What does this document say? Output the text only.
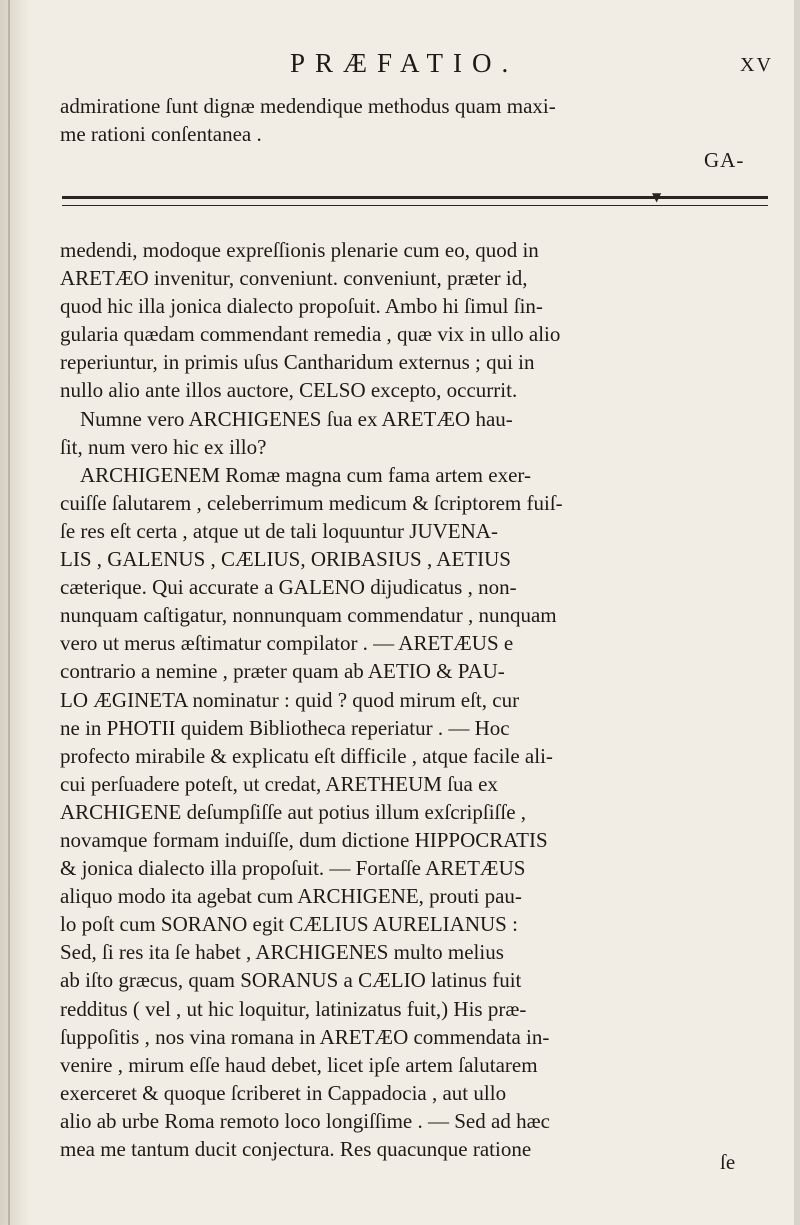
PRÆFATIO.	XV
admiratione ſunt dignæ medendique methodus quam maxi-
me rationi conſentanea .
GA-
▼
medendi, modoque expreſſionis plenarie cum eo, quod in
ARETÆO invenitur, conveniunt. conveniunt, præter id,
quod hic illa jonica dialecto propoſuit. Ambo hi ſimul ſin-
gularia quædam commendant remedia , quæ vix in ullo alio
reperiuntur, in primis uſus Cantharidum externus ; qui in
nullo alio ante illos auctore, CELSO excepto, occurrit.
Numne vero ARCHIGENES ſua ex ARETÆO hau-
ſit, num vero hic ex illo?
ARCHIGENEM Romæ magna cum fama artem exer-
cuiſſe ſalutarem , celeberrimum medicum & ſcriptorem fuiſ-
ſe res eſt certa , atque ut de tali loquuntur JUVENA-
LIS , GALENUS , CÆLIUS, ORIBASIUS , AETIUS
cæterique. Qui accurate a GALENO dijudicatus , non-
nunquam caſtigatur, nonnunquam commendatur , nunquam
vero ut merus æſtimatur compilator . — ARETÆUS e
contrario a nemine , præter quam ab AETIO & PAU-
LO ÆGINETA nominatur : quid ? quod mirum eſt, cur
ne in PHOTII quidem Bibliotheca reperiatur . — Hoc
profecto mirabile & explicatu eſt difficile , atque facile ali-
cui perſuadere poteſt, ut credat, ARETHEUM ſua ex
ARCHIGENE deſumpſiſſe aut potius illum exſcripſiſſe ,
novamque formam induiſſe, dum dictione HIPPOCRATIS
& jonica dialecto illa propoſuit. — Fortaſſe ARETÆUS
aliquo modo ita agebat cum ARCHIGENE, prouti pau-
lo poſt cum SORANO egit CÆLIUS AURELIANUS :
Sed, ſi res ita ſe habet , ARCHIGENES multo melius
ab iſto græcus, quam SORANUS a CÆLIO latinus fuit
redditus ( vel , ut hic loquitur, latinizatus fuit,) His præ-
ſuppoſitis , nos vina romana in ARETÆO commendata in-
venire , mirum eſſe haud debet, licet ipſe artem ſalutarem
exerceret & quoque ſcriberet in Cappadocia , aut ullo
alio ab urbe Roma remoto loco longiſſime . — Sed ad hæc
mea me tantum ducit conjectura. Res quacunque ratione
ſe
